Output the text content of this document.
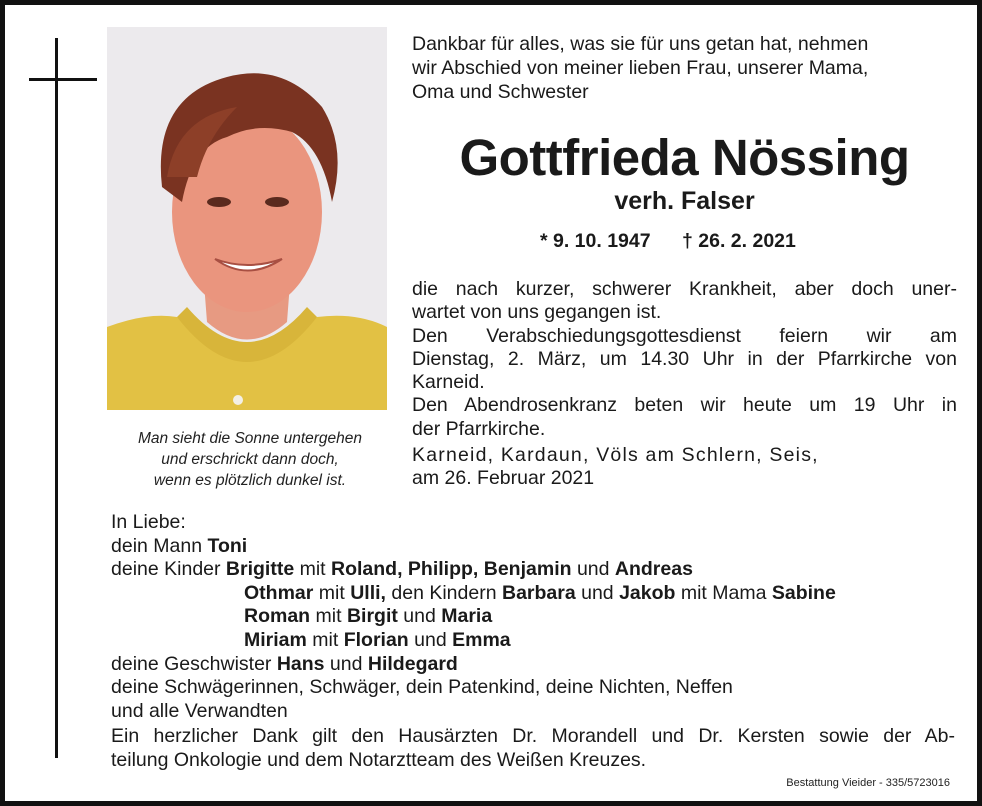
Man sieht die Sonne untergehen
und erschrickt dann doch,
wenn es plötzlich dunkel ist.
Dankbar für alles, was sie für uns getan hat, nehmen
wir Abschied von meiner lieben Frau, unserer Mama,
Oma und Schwester
Gottfrieda Nössing
verh. Falser
* 9. 10. 1947 † 26. 2. 2021
die nach kurzer, schwerer Krankheit, aber doch uner-
wartet von uns gegangen ist.
Den Verabschiedungsgottesdienst feiern wir am
Dienstag, 2. März, um 14.30 Uhr in der Pfarrkirche von
Karneid.
Den Abendrosenkranz beten wir heute um 19 Uhr in
der Pfarrkirche.
Karneid, Kardaun, Völs am Schlern, Seis,
am 26. Februar 2021
In Liebe:
dein Mann Toni
deine Kinder Brigitte mit Roland, Philipp, Benjamin und Andreas
Othmar mit Ulli, den Kindern Barbara und Jakob mit Mama Sabine
Roman mit Birgit und Maria
Miriam mit Florian und Emma
deine Geschwister Hans und Hildegard
deine Schwägerinnen, Schwäger, dein Patenkind, deine Nichten, Neffen
und alle Verwandten
Ein herzlicher Dank gilt den Hausärzten Dr. Morandell und Dr. Kersten sowie der Ab-
teilung Onkologie und dem Notarztteam des Weißen Kreuzes.
Bestattung Vieider - 335/5723016
